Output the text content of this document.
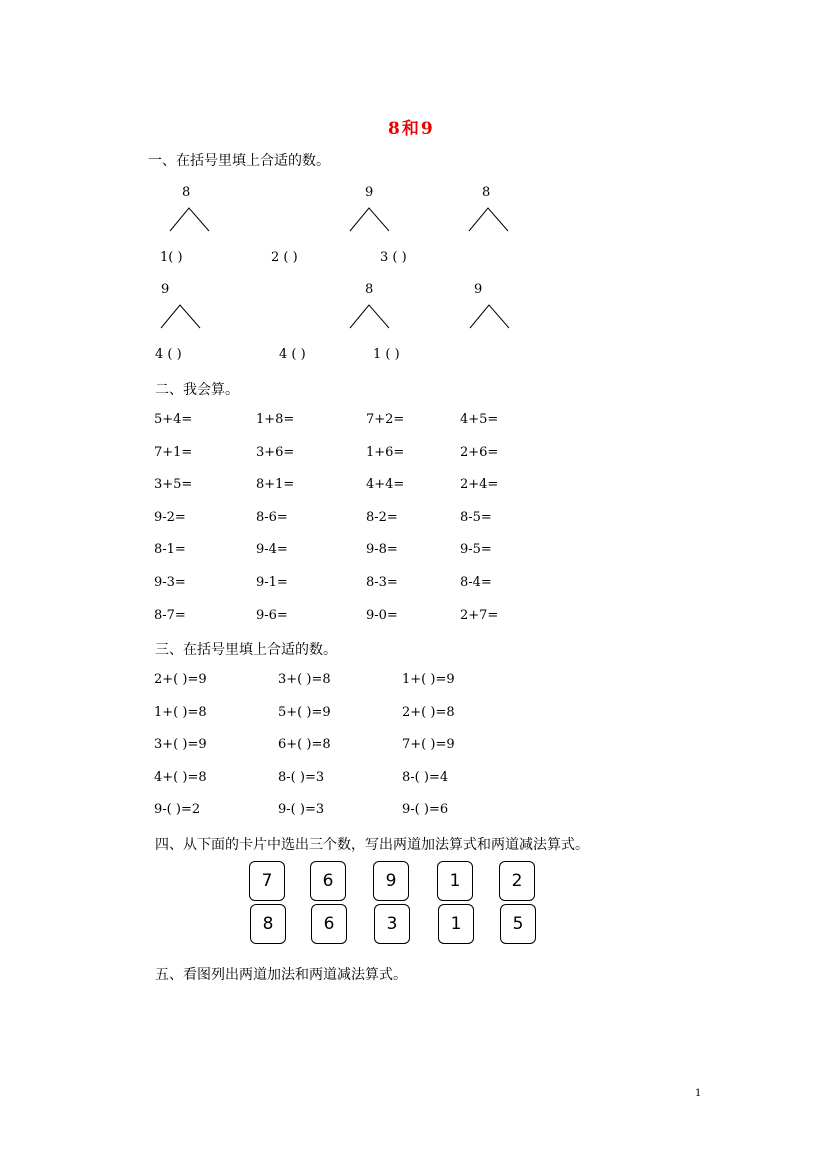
8和9
一、在括号里填上合适的数。
8	9	8
1( )	2 ( )	3 ( )
9	8	9
4 ( )	4 ( )	1 ( )
二、我会算。
5+4=	1+8=	7+2=	4+5=
7+1=	3+6=	1+6=	2+6=
3+5=	8+1=	4+4=	2+4=
9-2=	8-6=	8-2=	8-5=
8-1=	9-4=	9-8=	9-5=
9-3=	9-1=	8-3=	8-4=
8-7=	9-6=	9-0=	2+7=
三、在括号里填上合适的数。
2+( )=9	3+( )=8	1+( )=9
1+( )=8	5+( )=9	2+( )=8
3+( )=9	6+( )=8	7+( )=9
4+( )=8	8-( )=3	8-( )=4
9-( )=2	9-( )=3	9-( )=6
四、从下面的卡片中选出三个数，写出两道加法算式和两道减法算式。
7
8
6
6
9
3
1
1
2
5
五、看图列出两道加法和两道减法算式。
1
